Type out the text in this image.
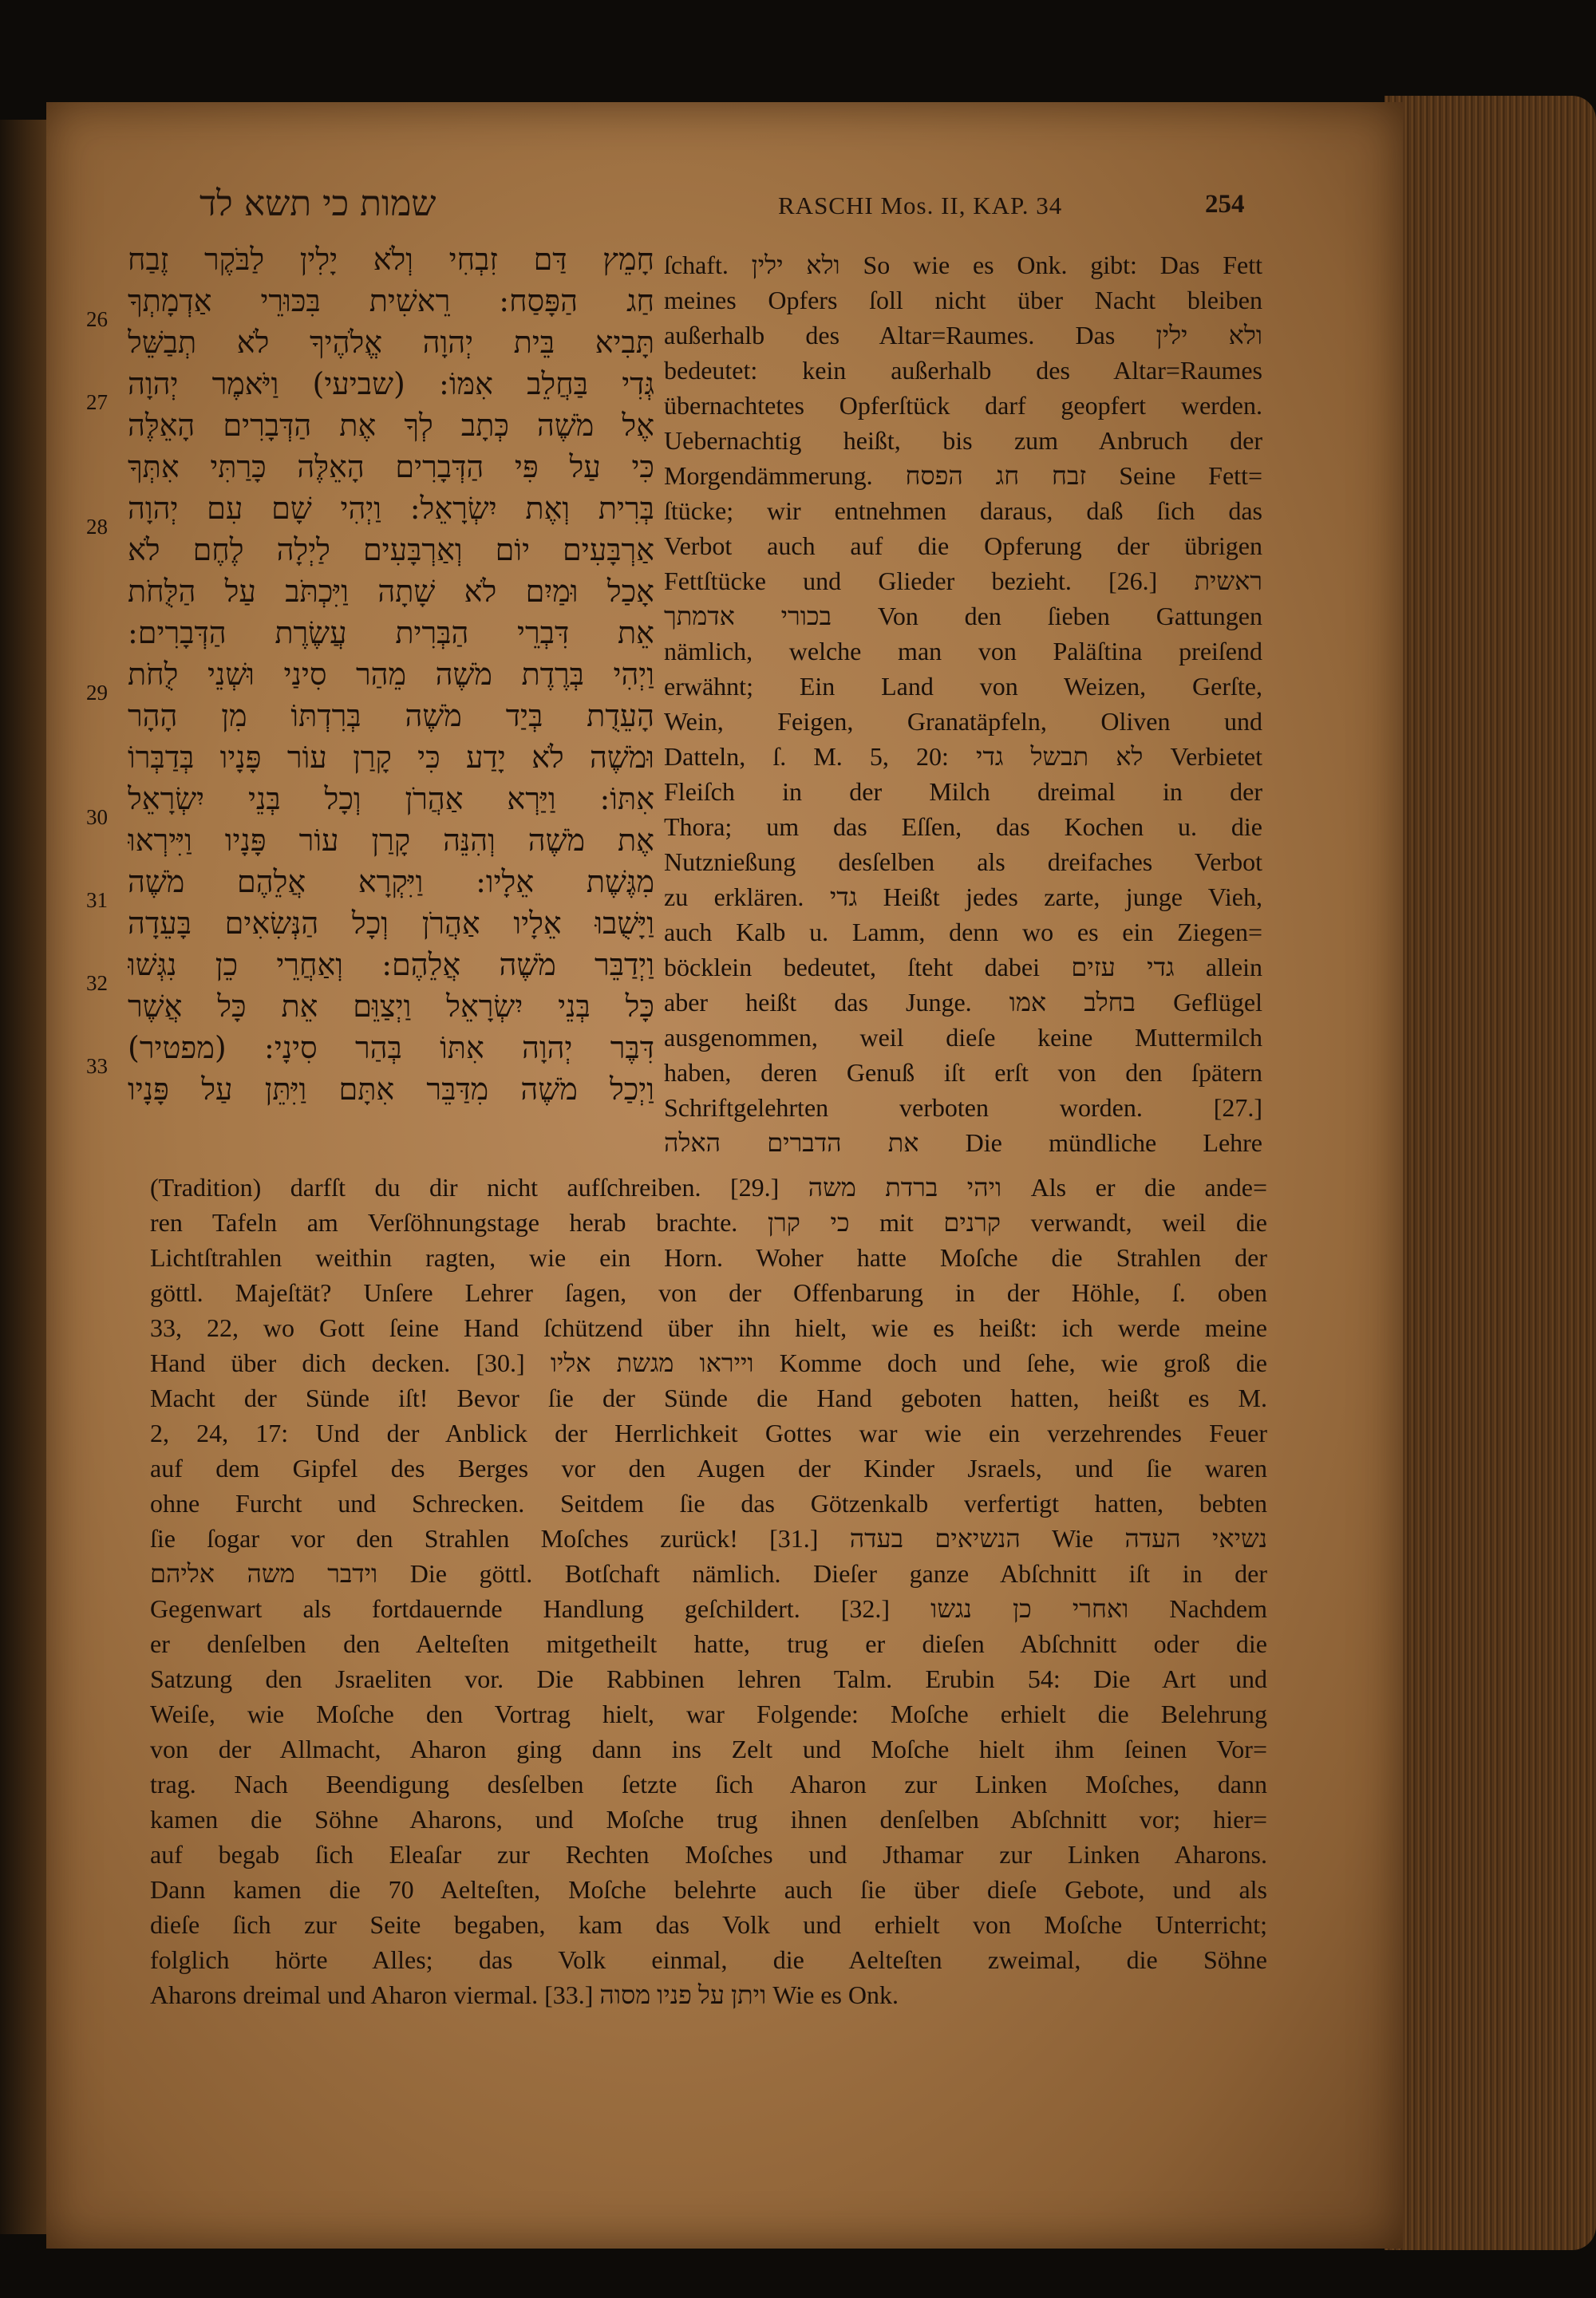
שמות כי תשא לד	RASCHI Mos. II, KAP. 34	254
חָמֵץ דַּם זִבְחִי וְלֹא יָלִין לַבֹּקֶר זֶבַח
חַג הַפָּסַח: רֵאשִׁית בִּכּוּרֵי אַדְמָתְךָ
תָּבִיא בֵּית יְהוָה אֱלֹהֶיךָ לֹא תְבַשֵּׁל
גְּדִי בַּחֲלֵב אִמּוֹ: (שביעי) וַיֹּאמֶר יְהוָה
אֶל מֹשֶׁה כְּתָב לְךָ אֶת הַדְּבָרִים הָאֵלֶּה
כִּי עַל פִּי הַדְּבָרִים הָאֵלֶּה כָּרַתִּי אִתְּךָ
בְּרִית וְאֶת יִשְׂרָאֵל: וַיְהִי שָׁם עִם יְהוָה
אַרְבָּעִים יוֹם וְאַרְבָּעִים לַיְלָה לֶחֶם לֹא
אָכַל וּמַיִם לֹא שָׁתָה וַיִּכְתֹּב עַל הַלֻּחֹת
אֵת דִּבְרֵי הַבְּרִית עֲשֶׂרֶת הַדְּבָרִים:
וַיְהִי בְּרֶדֶת מֹשֶׁה מֵהַר סִינַי וּשְׁנֵי לֻחֹת
הָעֵדֻת בְּיַד מֹשֶׁה בְּרִדְתּוֹ מִן הָהָר
וּמֹשֶׁה לֹא יָדַע כִּי קָרַן עוֹר פָּנָיו בְּדַבְּרוֹ
אִתּוֹ: וַיַּרְא אַהֲרֹן וְכָל בְּנֵי יִשְׂרָאֵל
אֶת מֹשֶׁה וְהִנֵּה קָרַן עוֹר פָּנָיו וַיִּירְאוּ
מִגֶּשֶׁת אֵלָיו: וַיִּקְרָא אֲלֵהֶם מֹשֶׁה
וַיָּשֻׁבוּ אֵלָיו אַהֲרֹן וְכָל הַנְּשִׂאִים בָּעֵדָה
וַיְדַבֵּר מֹשֶׁה אֲלֵהֶם: וְאַחֲרֵי כֵן נִגְּשׁוּ
כָּל בְּנֵי יִשְׂרָאֵל וַיְצַוֵּם אֵת כָּל אֲשֶׁר
דִּבֶּר יְהוָה אִתּוֹ בְּהַר סִינָי: (מפטיר)
וַיְכַל מֹשֶׁה מִדַּבֵּר אִתָּם וַיִּתֵּן עַל פָּנָיו
26
27
28
29
30
31
32
33
ſchaft. ולא ילין So wie es Onk. gibt: Das Fett
meines Opfers ſoll nicht über Nacht bleiben
außerhalb des Altar=Raumes. Das ולא ילין
bedeutet: kein außerhalb des Altar=Raumes
übernachtetes Opferſtück darf geopfert werden.
Uebernachtig heißt, bis zum Anbruch der
Morgendämmerung. זבח חג הפסח Seine Fett=
ſtücke; wir entnehmen daraus, daß ſich das
Verbot auch auf die Opferung der übrigen
Fettſtücke und Glieder bezieht. [26.] ראשית
בכורי אדמתך Von den ſieben Gattungen
nämlich, welche man von Paläſtina preiſend
erwähnt; Ein Land von Weizen, Gerſte,
Wein, Feigen, Granatäpfeln, Oliven und
Datteln, ſ. M. 5, 20: לא תבשל גדי Verbietet
Fleiſch in der Milch dreimal in der
Thora; um das Eſſen, das Kochen u. die
Nutznießung desſelben als dreifaches Verbot
zu erklären. גדי Heißt jedes zarte, junge Vieh,
auch Kalb u. Lamm, denn wo es ein Ziegen=
böcklein bedeutet, ſteht dabei גדי עזים allein
aber heißt das Junge. בחלב אמו Geflügel
ausgenommen, weil dieſe keine Muttermilch
haben, deren Genuß iſt erſt von den ſpätern
Schriftgelehrten verboten worden. [27.]
את הדברים האלה Die mündliche Lehre
(Tradition) darfſt du dir nicht aufſchreiben. [29.] ויהי ברדת משה Als er die ande=
ren Tafeln am Verſöhnungstage herab brachte. כי קרן mit קרנים verwandt, weil die
Lichtſtrahlen weithin ragten, wie ein Horn. Woher hatte Moſche die Strahlen der
göttl. Majeſtät? Unſere Lehrer ſagen, von der Offenbarung in der Höhle, ſ. oben
33, 22, wo Gott ſeine Hand ſchützend über ihn hielt, wie es heißt: ich werde meine
Hand über dich decken. [30.] וייראו מגשת אליו Komme doch und ſehe, wie groß die
Macht der Sünde iſt! Bevor ſie der Sünde die Hand geboten hatten, heißt es M.
2, 24, 17: Und der Anblick der Herrlichkeit Gottes war wie ein verzehrendes Feuer
auf dem Gipfel des Berges vor den Augen der Kinder Jsraels, und ſie waren
ohne Furcht und Schrecken. Seitdem ſie das Götzenkalb verfertigt hatten, bebten
ſie ſogar vor den Strahlen Moſches zurück! [31.] הנשיאים בעדה Wie נשיאי העדה
וידבר משה אליהם Die göttl. Botſchaft nämlich. Dieſer ganze Abſchnitt iſt in der
Gegenwart als fortdauernde Handlung geſchildert. [32.] ואחרי כן נגשו Nachdem
er denſelben den Aelteſten mitgetheilt hatte, trug er dieſen Abſchnitt oder die
Satzung den Jsraeliten vor. Die Rabbinen lehren Talm. Erubin 54: Die Art und
Weiſe, wie Moſche den Vortrag hielt, war Folgende: Moſche erhielt die Belehrung
von der Allmacht, Aharon ging dann ins Zelt und Moſche hielt ihm ſeinen Vor=
trag. Nach Beendigung desſelben ſetzte ſich Aharon zur Linken Moſches, dann
kamen die Söhne Aharons, und Moſche trug ihnen denſelben Abſchnitt vor; hier=
auf begab ſich Eleaſar zur Rechten Moſches und Jthamar zur Linken Aharons.
Dann kamen die 70 Aelteſten, Moſche belehrte auch ſie über dieſe Gebote, und als
dieſe ſich zur Seite begaben, kam das Volk und erhielt von Moſche Unterricht;
folglich hörte Alles; das Volk einmal, die Aelteſten zweimal, die Söhne
Aharons dreimal und Aharon viermal. [33.] ויתן על פניו מסוה Wie es Onk.
